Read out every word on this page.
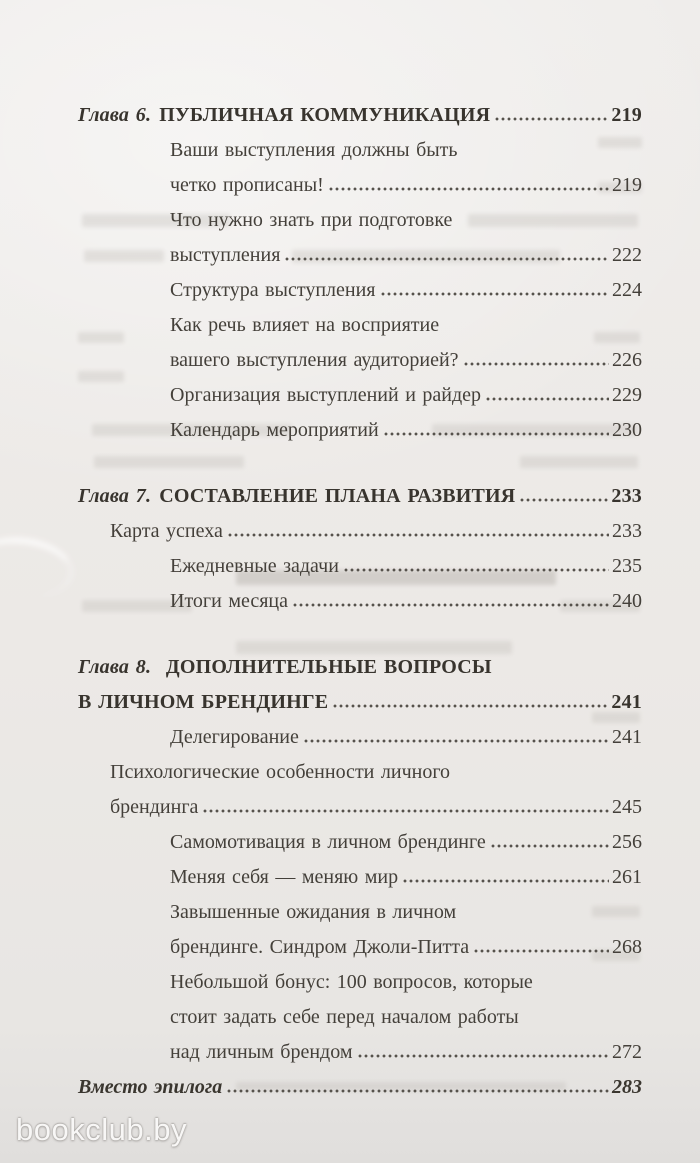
Глава 6. ПУБЛИЧНАЯ КОММУНИКАЦИЯ	219
Ваши выступления должны быть
четко прописаны!	219
Что нужно знать при подготовке
выступления	222
Структура выступления	224
Как речь влияет на восприятие
вашего выступления аудиторией?	226
Организация выступлений и райдер	229
Календарь мероприятий	230
Глава 7. СОСТАВЛЕНИЕ ПЛАНА РАЗВИТИЯ	233
Карта успеха	233
Ежедневные задачи	235
Итоги месяца	240
Глава 8. ДОПОЛНИТЕЛЬНЫЕ ВОПРОСЫ
В ЛИЧНОМ БРЕНДИНГЕ	241
Делегирование	241
Психологические особенности личного
брендинга	245
Самомотивация в личном брендинге	256
Меняя себя — меняю мир	261
Завышенные ожидания в личном
брендинге. Синдром Джоли-Питта	268
Небольшой бонус: 100 вопросов, которые
стоит задать себе перед началом работы
над личным брендом	272
Вместо эпилога	283
bookclub.by
